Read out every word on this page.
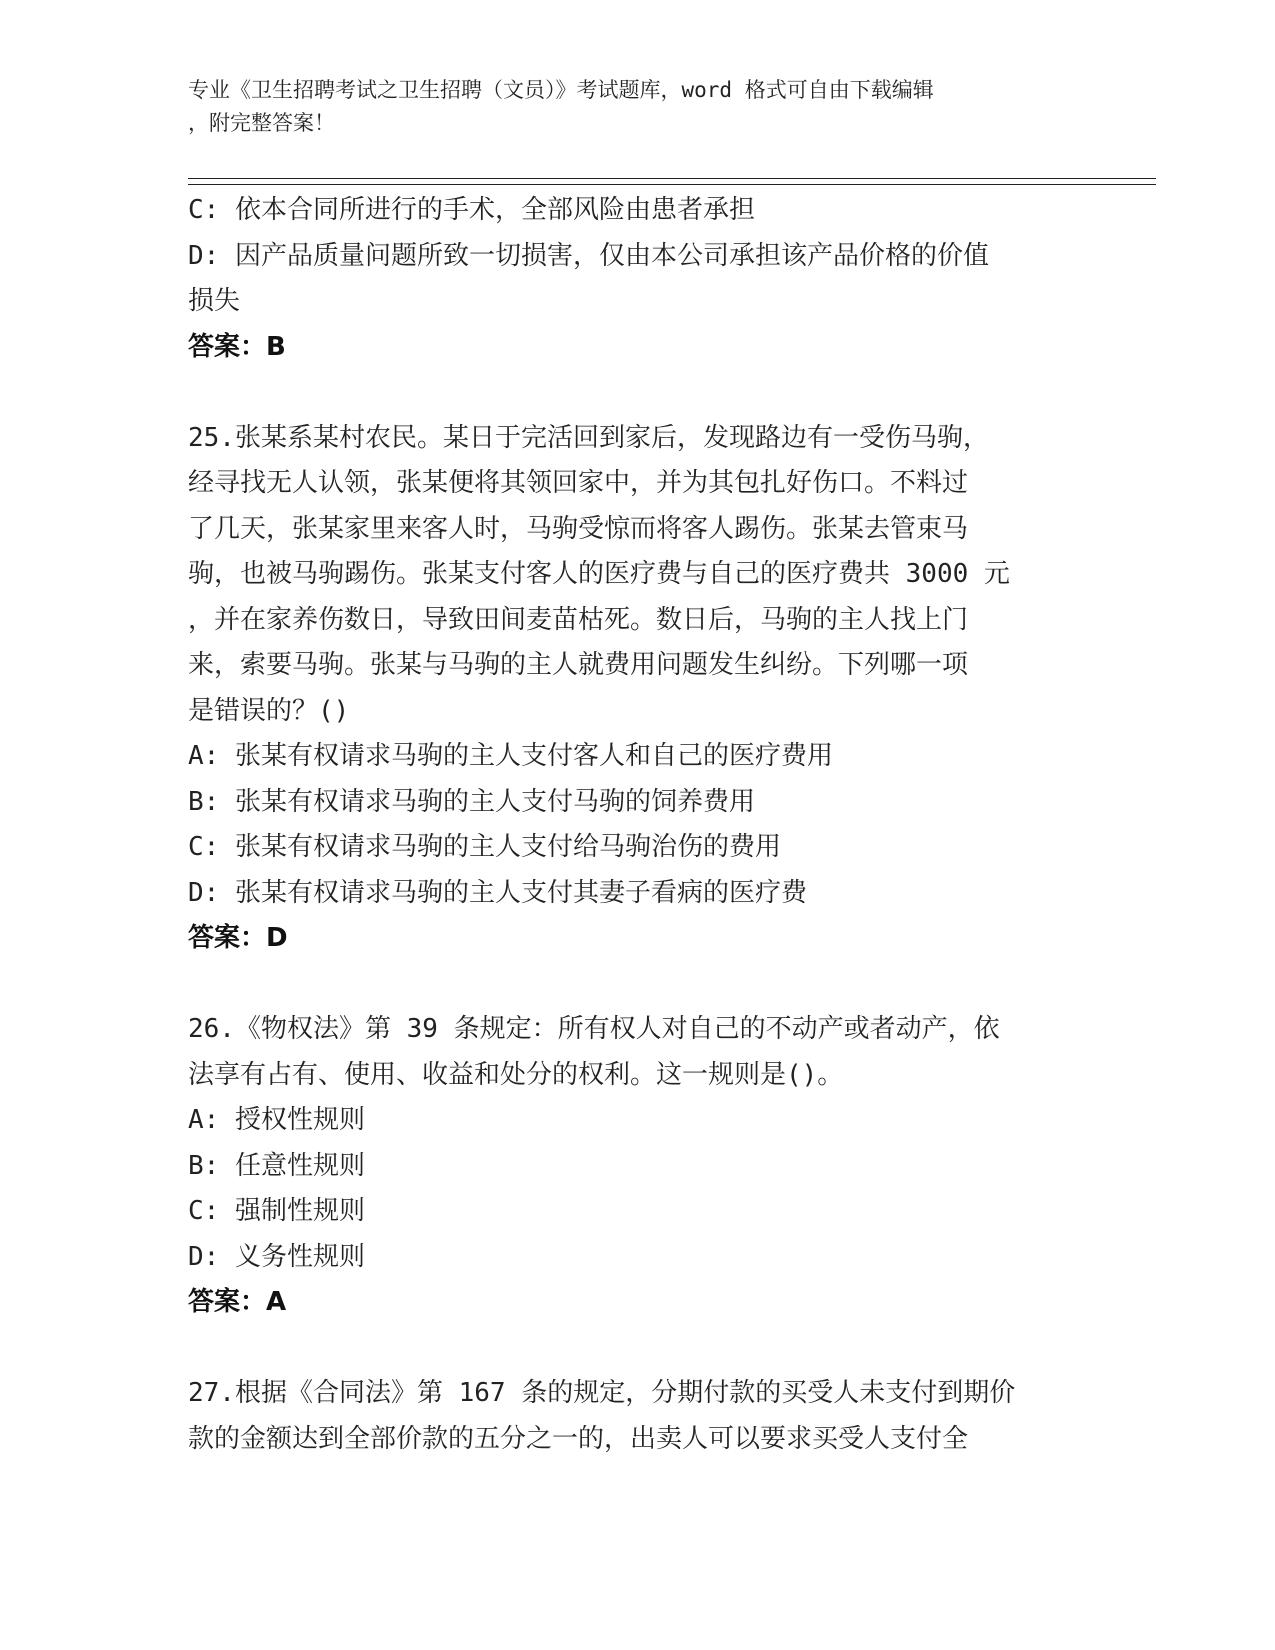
专业《卫生招聘考试之卫生招聘（文员）》考试题库，word 格式可自由下载编辑
，附完整答案！

C: 依本合同所进行的手术，全部风险由患者承担

D: 因产品质量问题所致一切损害，仅由本公司承担该产品价格的价值

损失

答案：B

25.张某系某村农民。某日于完活回到家后，发现路边有一受伤马驹，

经寻找无人认领，张某便将其领回家中，并为其包扎好伤口。不料过

了几天，张某家里来客人时，马驹受惊而将客人踢伤。张某去管束马

驹，也被马驹踢伤。张某支付客人的医疗费与自己的医疗费共 3000 元

，并在家养伤数日，导致田间麦苗枯死。数日后，马驹的主人找上门

来，索要马驹。张某与马驹的主人就费用问题发生纠纷。下列哪一项

是错误的？()

A: 张某有权请求马驹的主人支付客人和自己的医疗费用

B: 张某有权请求马驹的主人支付马驹的饲养费用

C: 张某有权请求马驹的主人支付给马驹治伤的费用

D: 张某有权请求马驹的主人支付其妻子看病的医疗费

答案：D

26.《物权法》第 39 条规定：所有权人对自己的不动产或者动产，依

法享有占有、使用、收益和处分的权利。这一规则是()。

A: 授权性规则

B: 任意性规则

C: 强制性规则

D: 义务性规则

答案：A

27.根据《合同法》第 167 条的规定，分期付款的买受人未支付到期价

款的金额达到全部价款的五分之一的，出卖人可以要求买受人支付全
